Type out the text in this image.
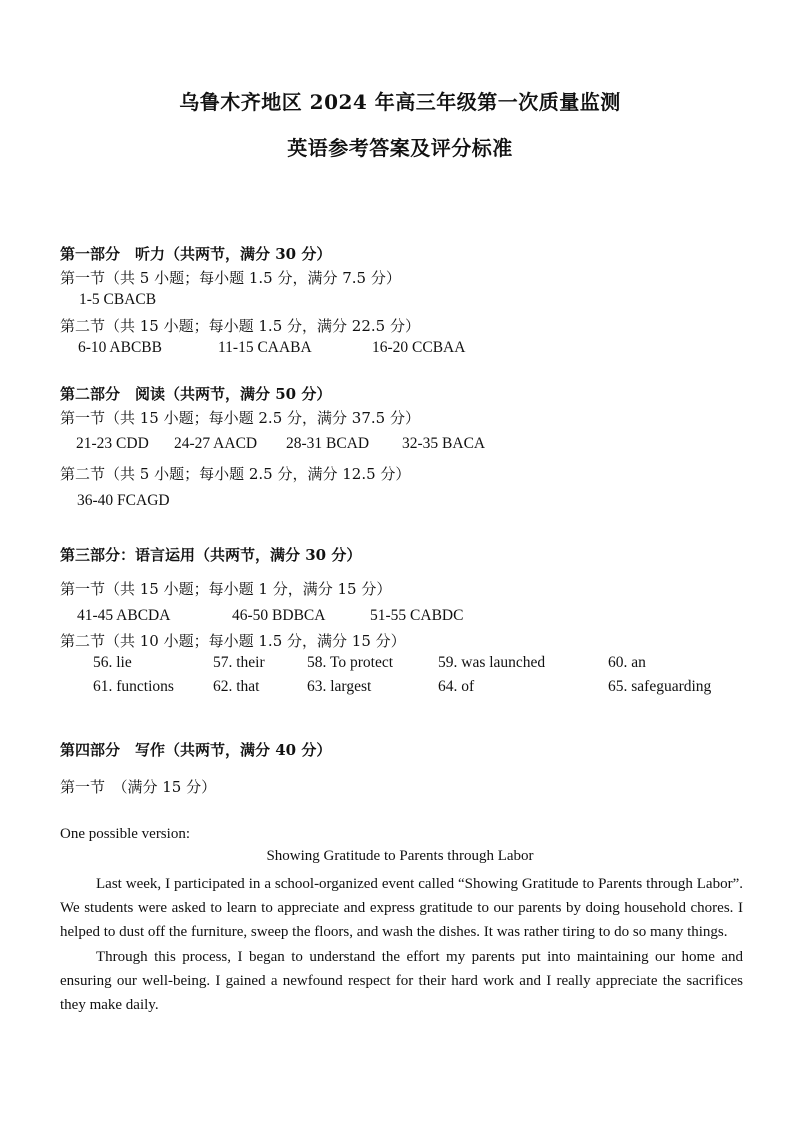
乌鲁木齐地区 2024 年高三年级第一次质量监测
英语参考答案及评分标准
第一部分　听力（共两节，满分 30 分）
第一节（共 5 小题；每小题 1.5 分，满分 7.5 分）
1-5 CBACB
第二节（共 15 小题；每小题 1.5 分，满分 22.5 分）
6-10 ABCBB	11-15 CAABA	16-20 CCBAA
第二部分　阅读（共两节，满分 50 分）
第一节（共 15 小题；每小题 2.5 分，满分 37.5 分）
21-23 CDD 24-27 AACD 28-31 BCAD 32-35 BACA
第二节（共 5 小题；每小题 2.5 分，满分 12.5 分）
36-40 FCAGD
第三部分：语言运用（共两节，满分 30 分）
第一节（共 15 小题；每小题 1 分，满分 15 分）
41-45 ABCDA	46-50 BDBCA	51-55 CABDC
第二节（共 10 小题；每小题 1.5 分，满分 15 分）
56. lie	57. their	58. To protect	59. was launched	60. an
61. functions	62. that	63. largest	64. of	65. safeguarding
第四部分　写作（共两节，满分 40 分）
第一节　（满分 15 分）
One possible version:
Showing Gratitude to Parents through Labor

Last week, I participated in a school-organized event called “Showing Gratitude to Parents through Labor”. We students were asked to learn to appreciate and express gratitude to our parents by doing household chores. I helped to dust off the furniture, sweep the floors, and wash the dishes. It was rather tiring to do so many things.

Through this process, I began to understand the effort my parents put into maintaining our home and ensuring our well-being. I gained a newfound respect for their hard work and I really appreciate the sacrifices they make daily.
